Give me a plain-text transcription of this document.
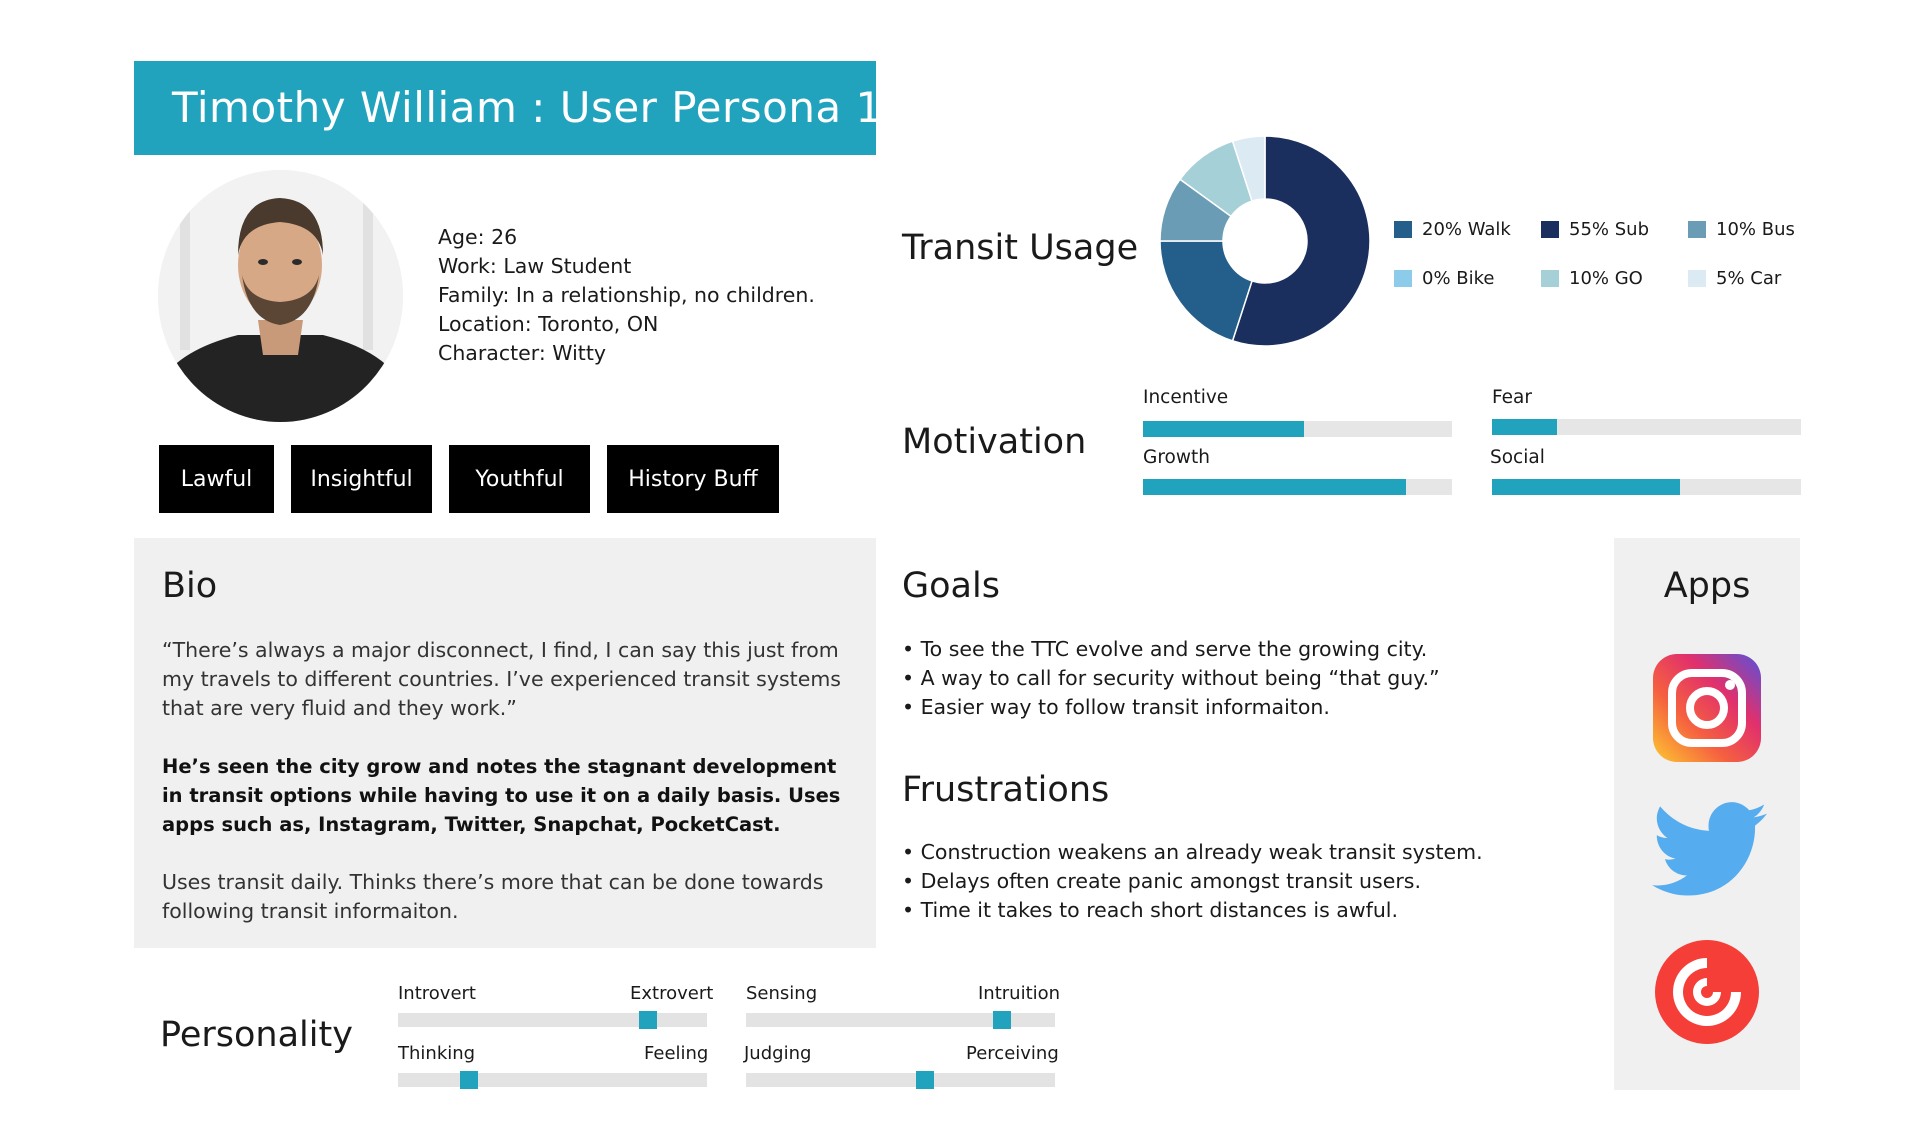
Timothy William : User Persona 1
Age: 26
Work: Law Student
Family: In a relationship, no children.
Location: Toronto, ON
Character: Witty
Lawful	Insightful	Youthful	History Buff
Transit Usage	20% Walk	55% Sub	10% Bus
0% Bike	10% GO	5% Car
Motivation
Incentive	Fear
Growth	Social
Bio

“There’s always a major disconnect, I find, I can say this just from my travels to different countries. I’ve experienced transit systems that are very fluid and they work.”

He’s seen the city grow and notes the stagnant development in transit options while having to use it on a daily basis. Uses apps such as, Instagram, Twitter, Snapchat, PocketCast.

Uses transit daily. Thinks there’s more that can be done towards following transit informaiton.

Goals
• To see the TTC evolve and serve the growing city.
• A way to call for security without being “that guy.”
• Easier way to follow transit informaiton.
Frustrations
• Construction weakens an already weak transit system.
• Delays often create panic amongst transit users.
• Time it takes to reach short distances is awful.
Apps
Personality
Introvert	Extrovert Sensing	Intruition
Thinking	Feeling Judging	Perceiving
